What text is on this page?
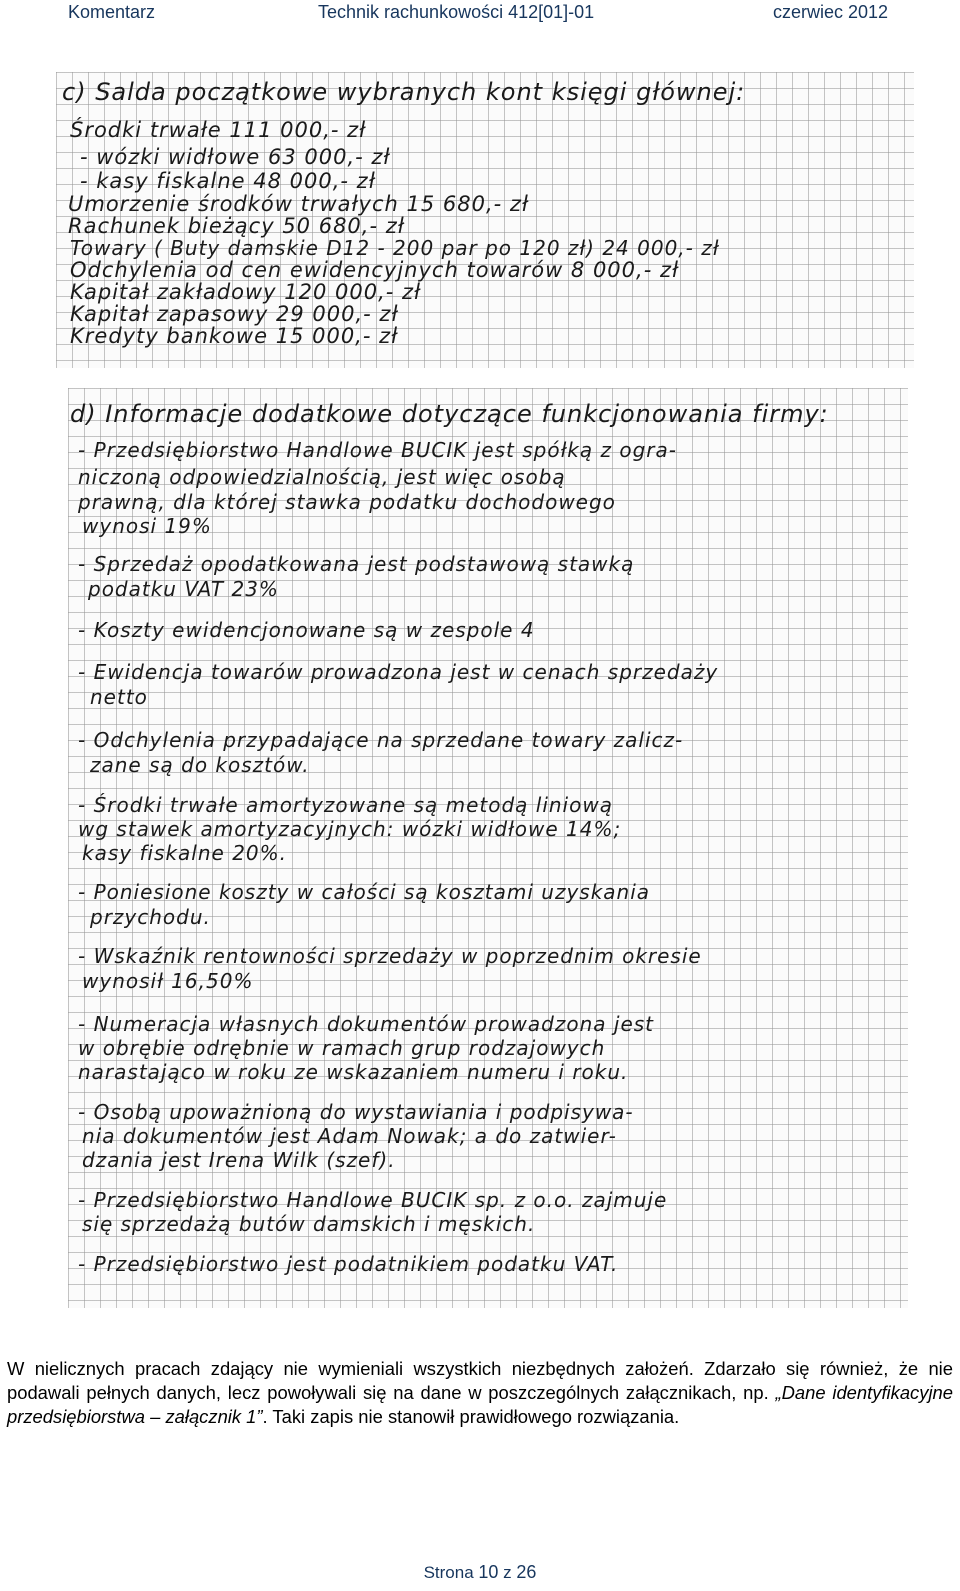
Komentarz	Technik rachunkowości 412[01]-01	czerwiec 2012
c) Salda początkowe wybranych kont księgi głównej:
Środki trwałe 111 000,- zł
- wózki widłowe 63 000,- zł
- kasy fiskalne 48 000,- zł
Umorzenie środków trwałych 15 680,- zł
Rachunek bieżący 50 680,- zł
Towary ( Buty damskie D12 - 200 par po 120 zł) 24 000,- zł
Odchylenia od cen ewidencyjnych towarów 8 000,- zł
Kapitał zakładowy 120 000,- zł
Kapitał zapasowy 29 000,- zł
Kredyty bankowe 15 000,- zł
d) Informacje dodatkowe dotyczące funkcjonowania firmy:
- Przedsiębiorstwo Handlowe BUCIK jest spółką z ogra-
niczoną odpowiedzialnością, jest więc osobą
prawną, dla której stawka podatku dochodowego
wynosi 19%
- Sprzedaż opodatkowana jest podstawową stawką
podatku VAT 23%
- Koszty ewidencjonowane są w zespole 4
- Ewidencja towarów prowadzona jest w cenach sprzedaży
netto
- Odchylenia przypadające na sprzedane towary zalicz-
zane są do kosztów.
- Środki trwałe amortyzowane są metodą liniową
wg stawek amortyzacyjnych: wózki widłowe 14%;
kasy fiskalne 20%.
- Poniesione koszty w całości są kosztami uzyskania
przychodu.
- Wskaźnik rentowności sprzedaży w poprzednim okresie
wynosił 16,50%
- Numeracja własnych dokumentów prowadzona jest
w obrębie odrębnie w ramach grup rodzajowych
narastająco w roku ze wskazaniem numeru i roku.
- Osobą upoważnioną do wystawiania i podpisywa-
nia dokumentów jest Adam Nowak; a do zatwier-
dzania jest Irena Wilk (szef).
- Przedsiębiorstwo Handlowe BUCIK sp. z o.o. zajmuje
się sprzedażą butów damskich i męskich.
- Przedsiębiorstwo jest podatnikiem podatku VAT.

W nielicznych pracach zdający nie wymieniali wszystkich niezbędnych założeń. Zdarzało się również, że nie podawali pełnych danych, lecz powoływali się na dane w poszczególnych załącznikach, np. „Dane identyfikacyjne przedsiębiorstwa – załącznik 1”. Taki zapis nie stanowił prawidłowego rozwiązania.

Strona 10 z 26
